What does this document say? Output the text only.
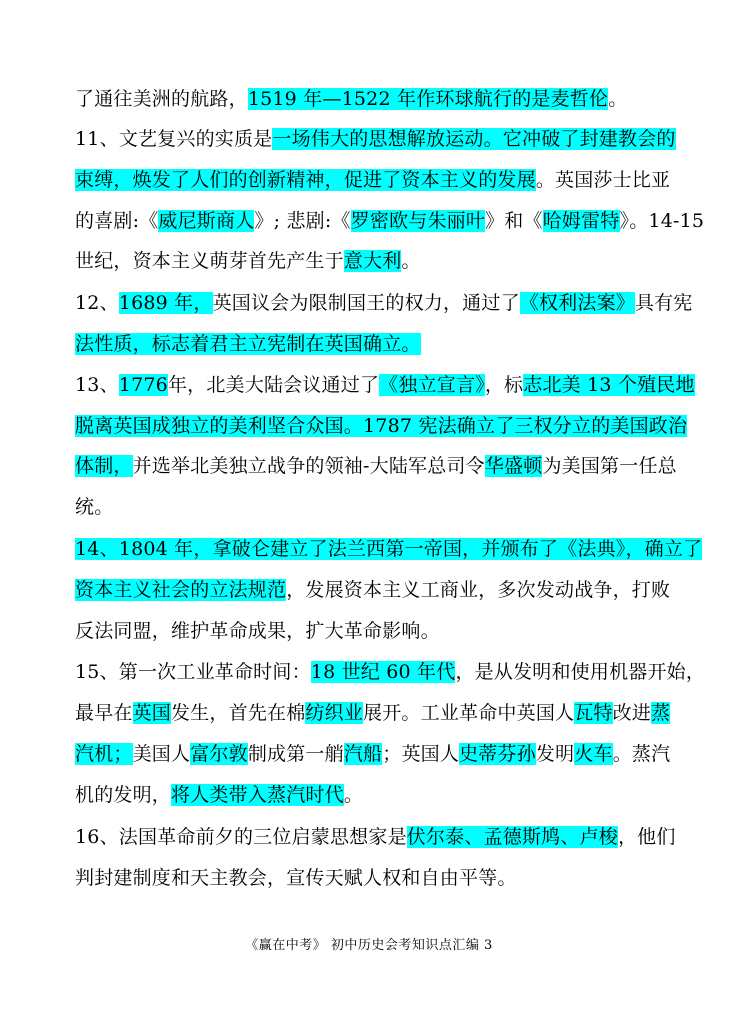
了通往美洲的航路，1519 年—1522 年作环球航行的是麦哲伦。
11、文艺复兴的实质是一场伟大的思想解放运动。它冲破了封建教会的
束缚，焕发了人们的创新精神，促进了资本主义的发展。英国莎士比亚
的喜剧:《威尼斯商人》; 悲剧:《罗密欧与朱丽叶》和《哈姆雷特》。14-15
世纪，资本主义萌芽首先产生于意大利。
12、1689 年，英国议会为限制国王的权力，通过了《权利法案》具有宪
法性质，标志着君主立宪制在英国确立。
13、1776年，北美大陆会议通过了《独立宣言》，标志北美 13 个殖民地
脱离英国成独立的美利坚合众国。1787 宪法确立了三权分立的美国政治
体制，并选举北美独立战争的领袖-大陆军总司令华盛顿为美国第一任总
统。
14、1804 年，拿破仑建立了法兰西第一帝国，并颁布了《法典》，确立了
资本主义社会的立法规范，发展资本主义工商业，多次发动战争，打败
反法同盟，维护革命成果，扩大革命影响。
15、第一次工业革命时间：18 世纪 60 年代，是从发明和使用机器开始，
最早在英国发生，首先在棉纺织业展开。工业革命中英国人瓦特改进蒸
汽机；美国人富尔敦制成第一艄汽船；英国人史蒂芬孙发明火车。蒸汽
机的发明，将人类带入蒸汽时代。
16、法国革命前夕的三位启蒙思想家是伏尔泰、孟德斯鸠、卢梭，他们
判封建制度和天主教会，宣传天赋人权和自由平等。
《赢在中考》 初中历史会考知识点汇编 3
